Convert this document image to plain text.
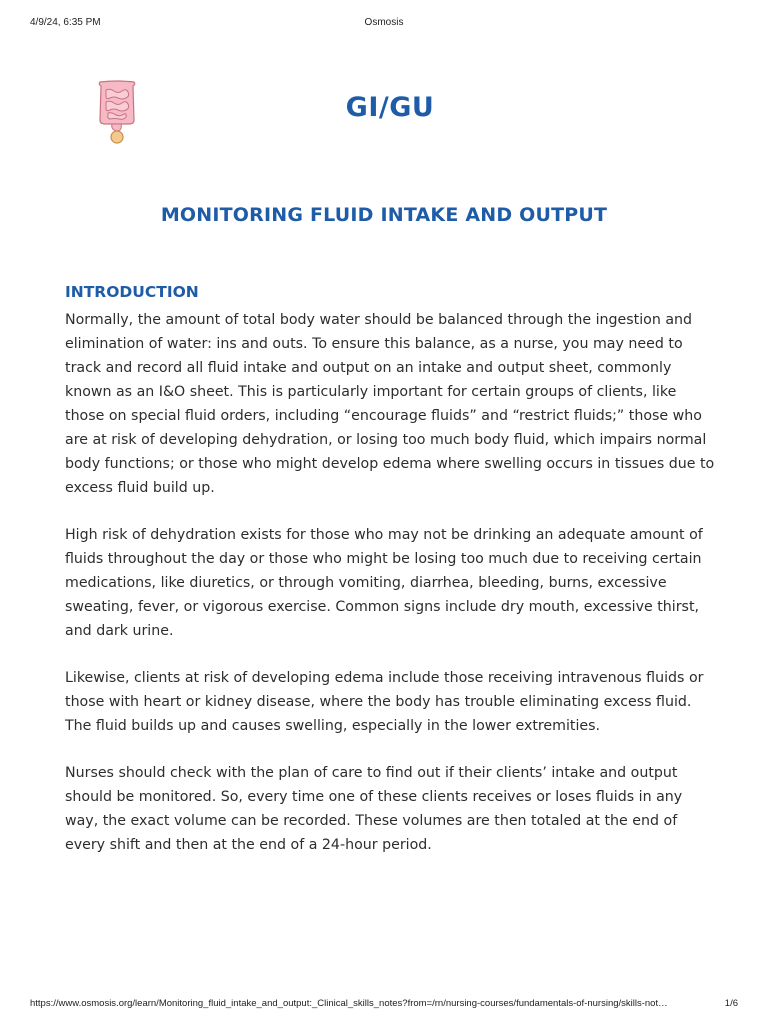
4/9/24, 6:35 PM	Osmosis
GI/GU
MONITORING FLUID INTAKE AND OUTPUT
INTRODUCTION

Normally, the amount of total body water should be balanced through the ingestion and elimination of water: ins and outs. To ensure this balance, as a nurse, you may need to track and record all fluid intake and output on an intake and output sheet, commonly known as an I&O sheet. This is particularly important for certain groups of clients, like those on special fluid orders, including “encourage fluids” and “restrict fluids;” those who are at risk of developing dehydration, or losing too much body fluid, which impairs normal body functions; or those who might develop edema where swelling occurs in tissues due to excess fluid build up.

High risk of dehydration exists for those who may not be drinking an adequate amount of fluids throughout the day or those who might be losing too much due to receiving certain medications, like diuretics, or through vomiting, diarrhea, bleeding, burns, excessive sweating, fever, or vigorous exercise. Common signs include dry mouth, excessive thirst, and dark urine.

Likewise, clients at risk of developing edema include those receiving intravenous fluids or those with heart or kidney disease, where the body has trouble eliminating excess fluid. The fluid builds up and causes swelling, especially in the lower extremities.

Nurses should check with the plan of care to find out if their clients’ intake and output should be monitored. So, every time one of these clients receives or loses fluids in any way, the exact volume can be recorded. These volumes are then totaled at the end of every shift and then at the end of a 24-hour period.

https://www.osmosis.org/learn/Monitoring_fluid_intake_and_output:_Clinical_skills_notes?from=/rn/nursing-courses/fundamentals-of-nursing/skills-not…	1/6
